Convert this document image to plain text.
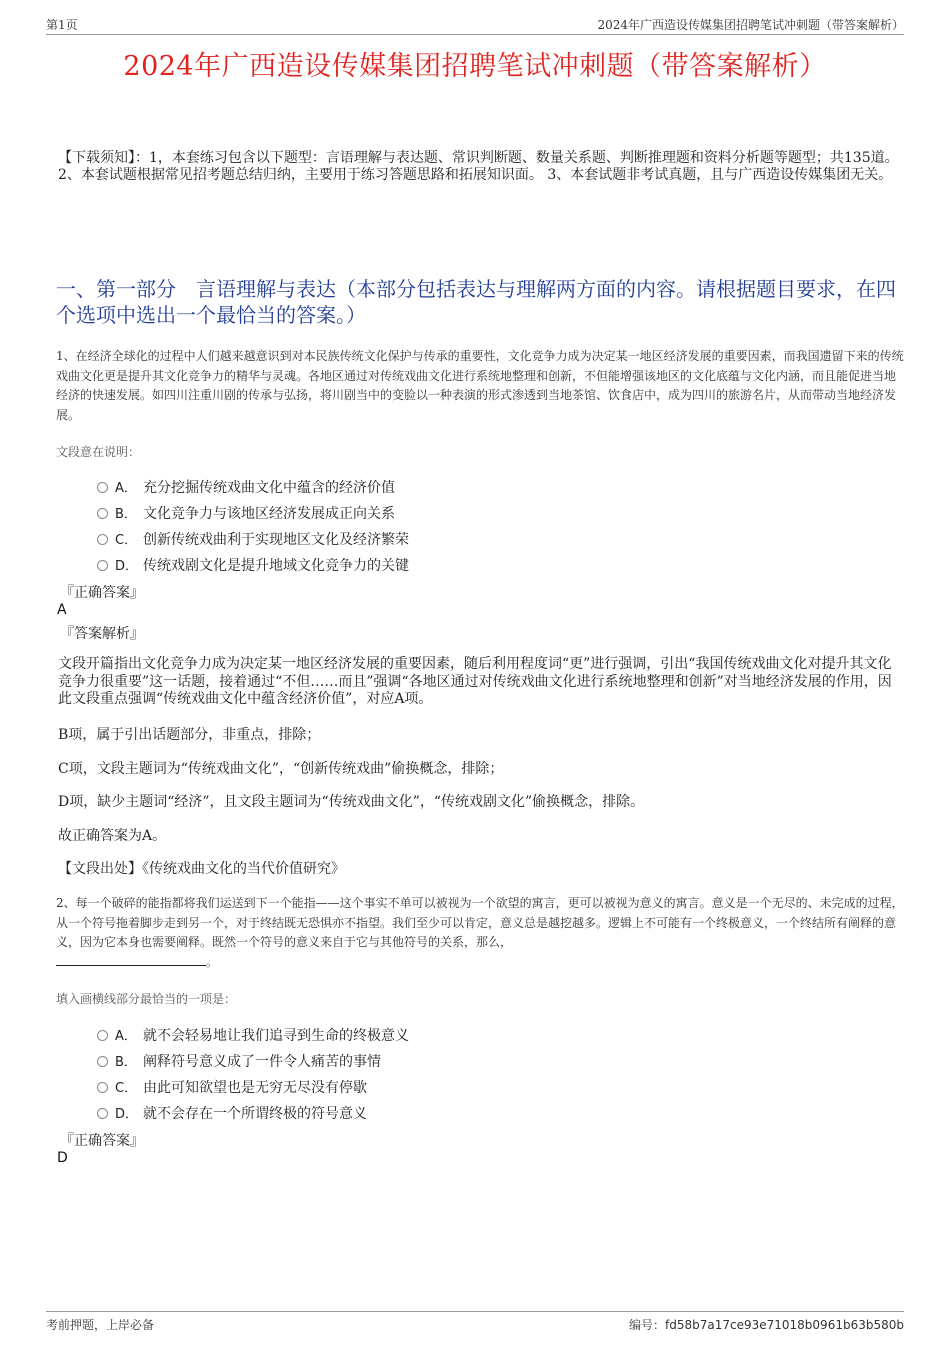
第1页	2024年广西造设传媒集团招聘笔试冲刺题（带答案解析）
2024年广西造设传媒集团招聘笔试冲刺题（带答案解析）
【下载须知】：1，本套练习包含以下题型：言语理解与表达题、常识判断题、数量关系题、判断推理题和资料分析题等题型；共135道。 2、本套试题根据常见招考题总结归纳，主要用于练习答题思路和拓展知识面。 3、本套试题非考试真题，且与广西造设传媒集团无关。
一、第一部分　言语理解与表达（本部分包括表达与理解两方面的内容。请根据题目要求，在四个选项中选出一个最恰当的答案。）
1、在经济全球化的过程中人们越来越意识到对本民族传统文化保护与传承的重要性，文化竞争力成为决定某一地区经济发展的重要因素，而我国遗留下来的传统戏曲文化更是提升其文化竞争力的精华与灵魂。各地区通过对传统戏曲文化进行系统地整理和创新，不但能增强该地区的文化底蕴与文化内涵，而且能促进当地经济的快速发展。如四川注重川剧的传承与弘扬，将川剧当中的变脸以一种表演的形式渗透到当地茶馆、饮食店中，成为四川的旅游名片，从而带动当地经济发展。
文段意在说明：
A． 充分挖掘传统戏曲文化中蕴含的经济价值
B． 文化竞争力与该地区经济发展成正向关系
C． 创新传统戏曲利于实现地区文化及经济繁荣
D． 传统戏剧文化是提升地域文化竞争力的关键
『正确答案』
A
『答案解析』
文段开篇指出文化竞争力成为决定某一地区经济发展的重要因素，随后利用程度词“更”进行强调，引出“我国传统戏曲文化对提升其文化竞争力很重要”这一话题，接着通过“不但……而且”强调“各地区通过对传统戏曲文化进行系统地整理和创新”对当地经济发展的作用，因此文段重点强调“传统戏曲文化中蕴含经济价值”，对应A项。
B项，属于引出话题部分，非重点，排除；
C项，文段主题词为“传统戏曲文化”，“创新传统戏曲”偷换概念，排除；
D项，缺少主题词“经济”，且文段主题词为“传统戏曲文化”，“传统戏剧文化”偷换概念，排除。
故正确答案为A。
【文段出处】《传统戏曲文化的当代价值研究》
2、每一个破碎的能指都将我们运送到下一个能指——这个事实不单可以被视为一个欲望的寓言，更可以被视为意义的寓言。意义是一个无尽的、未完成的过程，从一个符号拖着脚步走到另一个，对于终结既无恐惧亦不指望。我们至少可以肯定，意义总是越挖越多。逻辑上不可能有一个终极意义，一个终结所有阐释的意义，因为它本身也需要阐释。既然一个符号的意义来自于它与其他符号的关系，那么，
。
填入画横线部分最恰当的一项是：
A． 就不会轻易地让我们追寻到生命的终极意义
B． 阐释符号意义成了一件令人痛苦的事情
C． 由此可知欲望也是无穷无尽没有停歇
D． 就不会存在一个所谓终极的符号意义
『正确答案』
D
考前押题，上岸必备	编号：fd58b7a17ce93e71018b0961b63b580b
